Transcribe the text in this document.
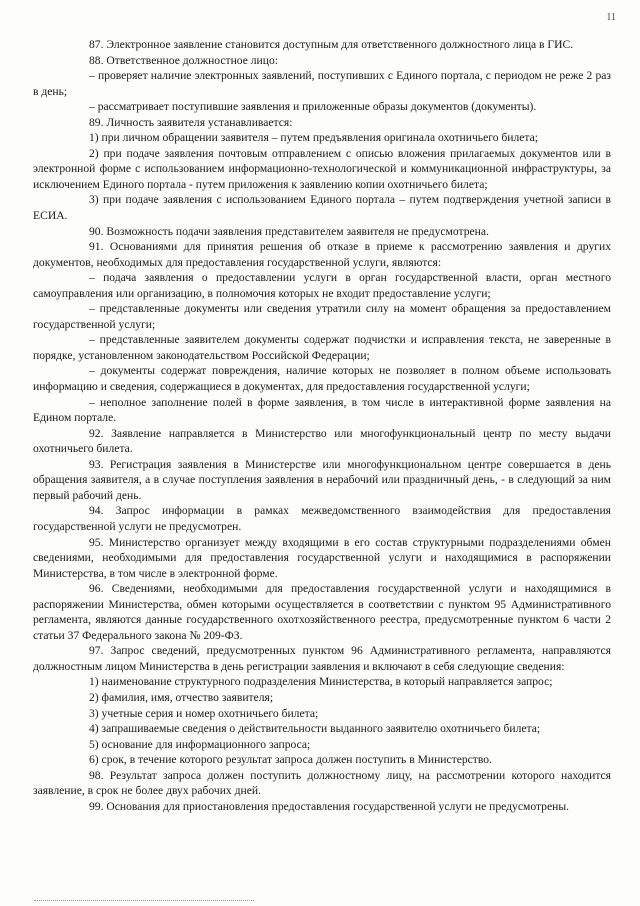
11

87. Электронное заявление становится доступным для ответственного должностного лица в ГИС.

88. Ответственное должностное лицо:

– проверяет наличие электронных заявлений, поступивших с Единого портала, с периодом не реже 2 раз в день;

– рассматривает поступившие заявления и приложенные образы документов (документы).

89. Личность заявителя устанавливается:

1) при личном обращении заявителя – путем предъявления оригинала охотничьего билета;

2) при подаче заявления почтовым отправлением с описью вложения прилагаемых документов или в электронной форме с использованием информационно-технологической и коммуникационной инфраструктуры, за исключением Единого портала - путем приложения к заявлению копии охотничьего билета;

3) при подаче заявления с использованием Единого портала – путем подтверждения учетной записи в ЕСИА.

90. Возможность подачи заявления представителем заявителя не предусмотрена.

91. Основаниями для принятия решения об отказе в приеме к рассмотрению заявления и других документов, необходимых для предоставления государственной услуги, являются:

– подача заявления о предоставлении услуги в орган государственной власти, орган местного самоуправления или организацию, в полномочия которых не входит предоставление услуги;

– представленные документы или сведения утратили силу на момент обращения за предоставлением государственной услуги;

– представленные заявителем документы содержат подчистки и исправления текста, не заверенные в порядке, установленном законодательством Российской Федерации;

– документы содержат повреждения, наличие которых не позволяет в полном объеме использовать информацию и сведения, содержащиеся в документах, для предоставления государственной услуги;

– неполное заполнение полей в форме заявления, в том числе в интерактивной форме заявления на Едином портале.

92. Заявление направляется в Министерство или многофункциональный центр по месту выдачи охотничьего билета.

93. Регистрация заявления в Министерстве или многофункциональном центре совершается в день обращения заявителя, а в случае поступления заявления в нерабочий или праздничный день, - в следующий за ним первый рабочий день.

94. Запрос информации в рамках межведомственного взаимодействия для предоставления государственной услуги не предусмотрен.

95. Министерство организует между входящими в его состав структурными подразделениями обмен сведениями, необходимыми для предоставления государственной услуги и находящимися в распоряжении Министерства, в том числе в электронной форме.

96. Сведениями, необходимыми для предоставления государственной услуги и находящимися в распоряжении Министерства, обмен которыми осуществляется в соответствии с пунктом 95 Административного регламента, являются данные государственного охотхозяйственного реестра, предусмотренные пунктом 6 части 2 статьи 37 Федерального закона № 209-ФЗ.

97. Запрос сведений, предусмотренных пунктом 96 Административного регламента, направляются должностным лицом Министерства в день регистрации заявления и включают в себя следующие сведения:

1) наименование структурного подразделения Министерства, в который направляется запрос;

2) фамилия, имя, отчество заявителя;

3) учетные серия и номер охотничьего билета;

4) запрашиваемые сведения о действительности выданного заявителю охотничьего билета;

5) основание для информационного запроса;

6) срок, в течение которого результат запроса должен поступить в Министерство.

98. Результат запроса должен поступить должностному лицу, на рассмотрении которого находится заявление, в срок не более двух рабочих дней.

99. Основания для приостановления предоставления государственной услуги не предусмотрены.
